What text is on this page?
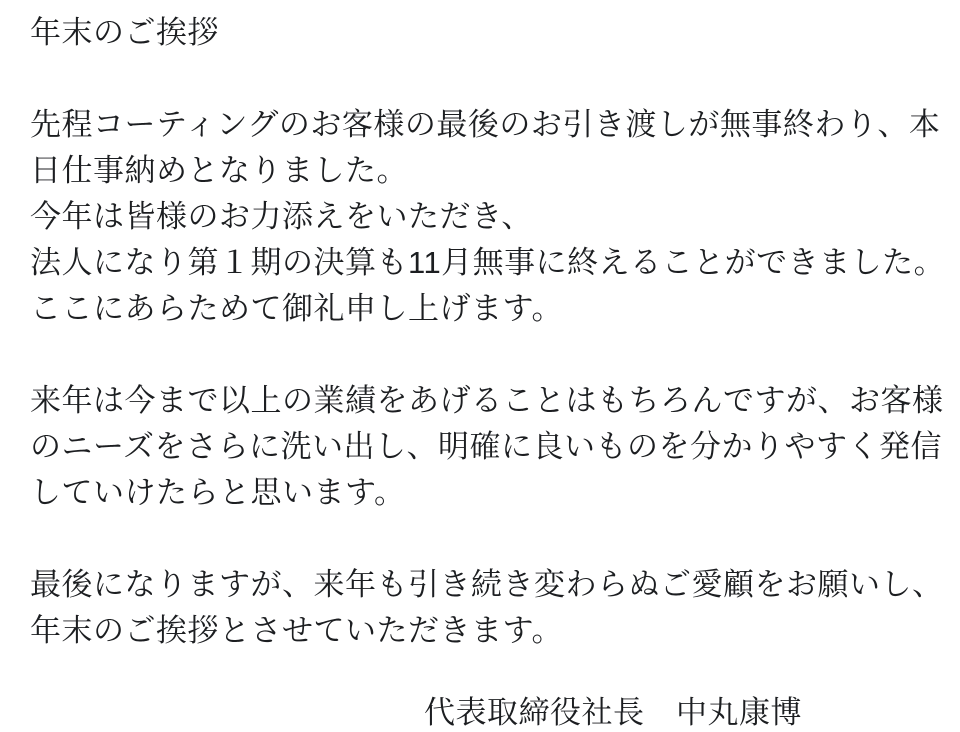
年末のご挨拶
先程コーティングのお客様の最後のお引き渡しが無事終わり、本
日仕事納めとなりました。
今年は皆様のお力添えをいただき、
法人になり第１期の決算も11月無事に終えることができました。
ここにあらためて御礼申し上げます。
来年は今まで以上の業績をあげることはもちろんですが、お客様
のニーズをさらに洗い出し、明確に良いものを分かりやすく発信
していけたらと思います。
最後になりますが、来年も引き続き変わらぬご愛顧をお願いし、
年末のご挨拶とさせていただきます。
代表取締役社長　中丸康博
